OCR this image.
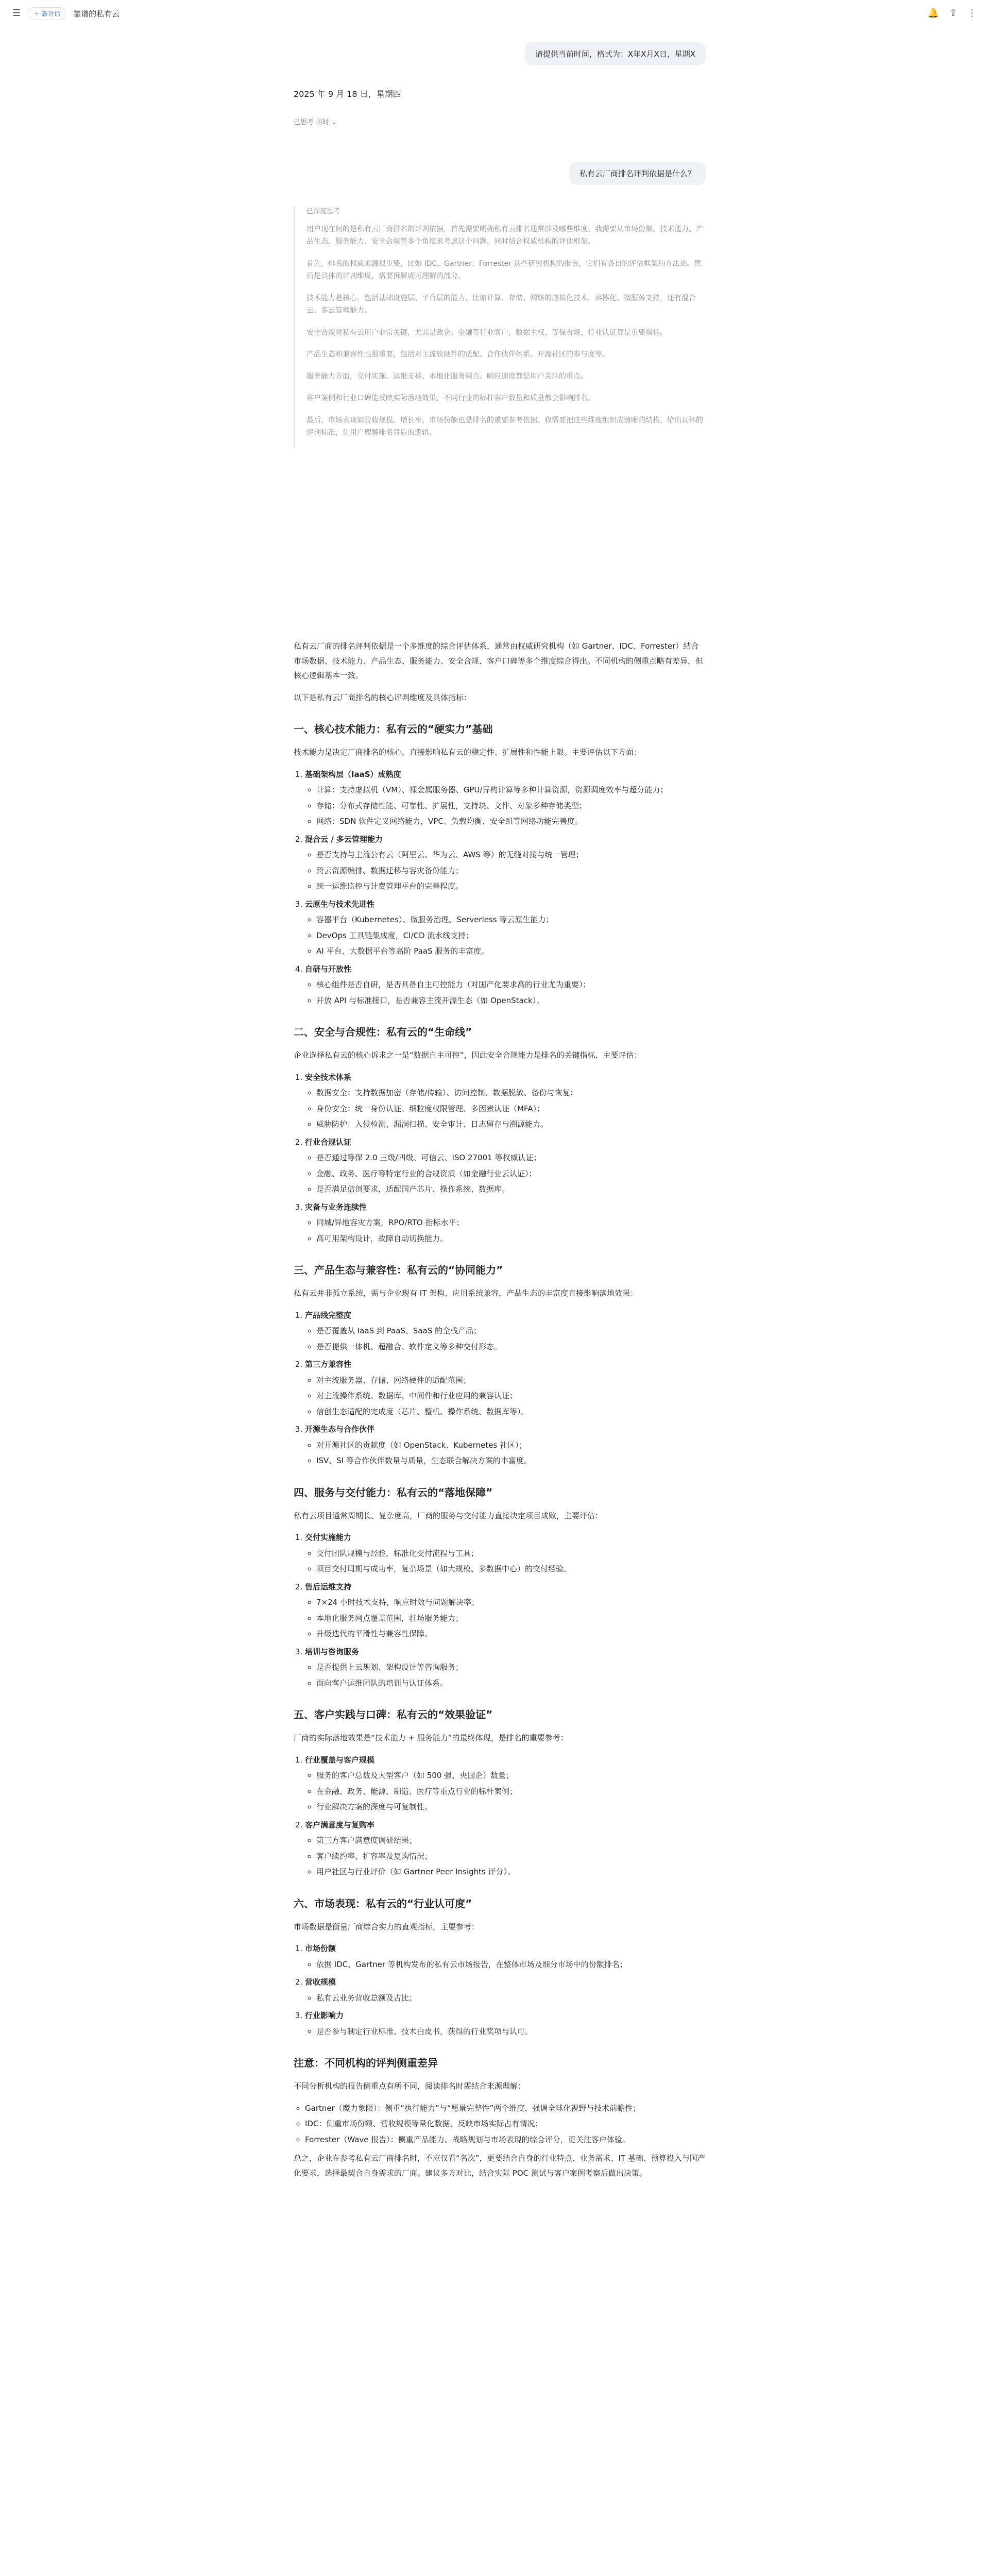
☰ ＋ 新对话 靠谱的私有云	🔔 ⇪ ⋮
请提供当前时间，格式为：X年X月X日，星期X
2025 年 9 月 18 日，星期四
已思考 用时 ⌄
私有云厂商排名评判依据是什么？
已深度思考

用户现在问的是私有云厂商排名的评判依据，首先需要明确私有云排名通常涉及哪些维度。我需要从市场份额、技术能力、产品生态、服务能力、安全合规等多个角度来考虑这个问题，同时结合权威机构的评估框架。

首先，排名的权威来源很重要，比如 IDC、Gartner、Forrester 这些研究机构的报告，它们有各自的评估框架和方法论。然后是具体的评判维度，需要拆解成可理解的部分。

技术能力是核心，包括基础设施层、平台层的能力，比如计算、存储、网络的虚拟化技术，容器化、微服务支持，还有混合云、多云管理能力。

安全合规对私有云用户非常关键，尤其是政企、金融等行业客户，数据主权、等保合规、行业认证都是重要指标。

产品生态和兼容性也很重要，包括对主流软硬件的适配、合作伙伴体系、开源社区的参与度等。

服务能力方面，交付实施、运维支持、本地化服务网点、响应速度都是用户关注的重点。

客户案例和行业口碑能反映实际落地效果，不同行业的标杆客户数量和质量都会影响排名。

最后，市场表现如营收规模、增长率、市场份额也是排名的重要参考依据。我需要把这些维度组织成清晰的结构，给出具体的评判标准，让用户理解排名背后的逻辑。

私有云厂商的排名评判依据是一个多维度的综合评估体系，通常由权威研究机构（如 Gartner、IDC、Forrester）结合市场数据、技术能力、产品生态、服务能力、安全合规、客户口碑等多个维度综合得出。不同机构的侧重点略有差异，但核心逻辑基本一致。

以下是私有云厂商排名的核心评判维度及具体指标：

一、核心技术能力：私有云的“硬实力”基础

技术能力是决定厂商排名的核心，直接影响私有云的稳定性、扩展性和性能上限。主要评估以下方面：

1. 基础架构层（IaaS）成熟度
◦ 计算：支持虚拟机（VM）、裸金属服务器、GPU/异构计算等多种计算资源，资源调度效率与超分能力；
◦ 存储：分布式存储性能、可靠性、扩展性，支持块、文件、对象多种存储类型；
◦ 网络：SDN 软件定义网络能力，VPC、负载均衡、安全组等网络功能完善度。
2. 混合云 / 多云管理能力
◦ 是否支持与主流公有云（阿里云、华为云、AWS 等）的无缝对接与统一管理；
◦ 跨云资源编排、数据迁移与容灾备份能力；
◦ 统一运维监控与计费管理平台的完善程度。
3. 云原生与技术先进性
◦ 容器平台（Kubernetes）、微服务治理、Serverless 等云原生能力；
◦ DevOps 工具链集成度，CI/CD 流水线支持；
◦ AI 平台、大数据平台等高阶 PaaS 服务的丰富度。
4. 自研与开放性
◦ 核心组件是否自研，是否具备自主可控能力（对国产化要求高的行业尤为重要）；
◦ 开放 API 与标准接口，是否兼容主流开源生态（如 OpenStack）。
二、安全与合规性：私有云的“生命线”

企业选择私有云的核心诉求之一是“数据自主可控”，因此安全合规能力是排名的关键指标，主要评估：

1. 安全技术体系
◦ 数据安全：支持数据加密（存储/传输）、访问控制、数据脱敏、备份与恢复；
◦ 身份安全：统一身份认证、细粒度权限管理、多因素认证（MFA）；
◦ 威胁防护：入侵检测、漏洞扫描、安全审计、日志留存与溯源能力。
2. 行业合规认证
◦ 是否通过等保 2.0 三级/四级、可信云、ISO 27001 等权威认证；
◦ 金融、政务、医疗等特定行业的合规资质（如金融行业云认证）；
◦ 是否满足信创要求，适配国产芯片、操作系统、数据库。
3. 灾备与业务连续性
◦ 同城/异地容灾方案，RPO/RTO 指标水平；
◦ 高可用架构设计，故障自动切换能力。
三、产品生态与兼容性：私有云的“协同能力”

私有云并非孤立系统，需与企业现有 IT 架构、应用系统兼容，产品生态的丰富度直接影响落地效果：

1. 产品线完整度
◦ 是否覆盖从 IaaS 到 PaaS、SaaS 的全栈产品；
◦ 是否提供一体机、超融合、软件定义等多种交付形态。
2. 第三方兼容性
◦ 对主流服务器、存储、网络硬件的适配范围；
◦ 对主流操作系统、数据库、中间件和行业应用的兼容认证；
◦ 信创生态适配的完成度（芯片、整机、操作系统、数据库等）。
3. 开源生态与合作伙伴
◦ 对开源社区的贡献度（如 OpenStack、Kubernetes 社区）；
◦ ISV、SI 等合作伙伴数量与质量，生态联合解决方案的丰富度。
四、服务与交付能力：私有云的“落地保障”

私有云项目通常周期长、复杂度高，厂商的服务与交付能力直接决定项目成败，主要评估：

1. 交付实施能力
◦ 交付团队规模与经验，标准化交付流程与工具；
◦ 项目交付周期与成功率，复杂场景（如大规模、多数据中心）的交付经验。
2. 售后运维支持
◦ 7×24 小时技术支持，响应时效与问题解决率；
◦ 本地化服务网点覆盖范围，驻场服务能力；
◦ 升级迭代的平滑性与兼容性保障。
3. 培训与咨询服务
◦ 是否提供上云规划、架构设计等咨询服务；
◦ 面向客户运维团队的培训与认证体系。
五、客户实践与口碑：私有云的“效果验证”

厂商的实际落地效果是“技术能力 + 服务能力”的最终体现，是排名的重要参考：

1. 行业覆盖与客户规模
◦ 服务的客户总数及大型客户（如 500 强、央国企）数量；
◦ 在金融、政务、能源、制造、医疗等重点行业的标杆案例；
◦ 行业解决方案的深度与可复制性。
2. 客户满意度与复购率
◦ 第三方客户满意度调研结果；
◦ 客户续约率、扩容率及复购情况；
◦ 用户社区与行业评价（如 Gartner Peer Insights 评分）。
六、市场表现：私有云的“行业认可度”

市场数据是衡量厂商综合实力的直观指标，主要参考：

1. 市场份额
◦ 依据 IDC、Gartner 等机构发布的私有云市场报告，在整体市场及细分市场中的份额排名；
2. 营收规模
◦ 私有云业务营收总额及占比；
3. 行业影响力
◦ 是否参与制定行业标准、技术白皮书，获得的行业奖项与认可。
注意：不同机构的评判侧重差异

不同分析机构的报告侧重点有所不同，阅读排名时需结合来源理解：

◦ Gartner（魔力象限）：侧重“执行能力”与“愿景完整性”两个维度，强调全球化视野与技术前瞻性；
◦ IDC：侧重市场份额、营收规模等量化数据，反映市场实际占有情况；
◦ Forrester（Wave 报告）：侧重产品能力、战略规划与市场表现的综合评分，更关注客户体验。

总之，企业在参考私有云厂商排名时，不应仅看“名次”，更要结合自身的行业特点、业务需求、IT 基础、预算投入与国产化要求，选择最契合自身需求的厂商。建议多方对比，结合实际 POC 测试与客户案例考察后做出决策。
